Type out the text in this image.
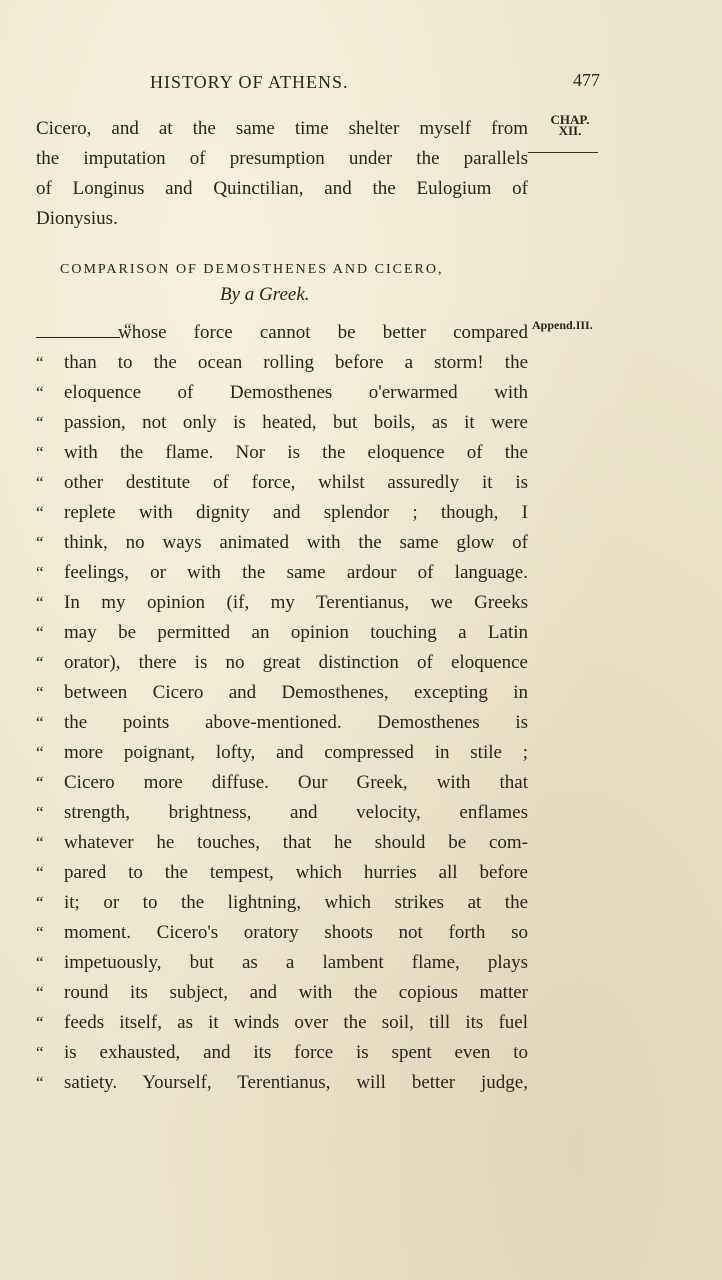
HISTORY OF ATHENS.	477
CHAP.
XII.
Cicero, and at the same time shelter myself from
the imputation of presumption under the parallels
of Longinus and Quinctilian, and the Eulogium of
Dionysius.
COMPARISON OF DEMOSTHENES AND CICERO,
By a Greek.
Append.III.
“
whose force cannot be better compared
“ than to the ocean rolling before a storm! the
“ eloquence of Demosthenes o'erwarmed with
“ passion, not only is heated, but boils, as it were
“ with the flame. Nor is the eloquence of the
“ other destitute of force, whilst assuredly it is
“ replete with dignity and splendor ; though, I
“ think, no ways animated with the same glow of
“ feelings, or with the same ardour of language.
“ In my opinion (if, my Terentianus, we Greeks
“ may be permitted an opinion touching a Latin
“ orator), there is no great distinction of eloquence
“ between Cicero and Demosthenes, excepting in
“ the points above-mentioned. Demosthenes is
“ more poignant, lofty, and compressed in stile ;
“ Cicero more diffuse. Our Greek, with that
“ strength, brightness, and velocity, enflames
“ whatever he touches, that he should be com-
“ pared to the tempest, which hurries all before
“ it; or to the lightning, which strikes at the
“ moment. Cicero's oratory shoots not forth so
“ impetuously, but as a lambent flame, plays
“ round its subject, and with the copious matter
“ feeds itself, as it winds over the soil, till its fuel
“ is exhausted, and its force is spent even to
“ satiety. Yourself, Terentianus, will better judge,
